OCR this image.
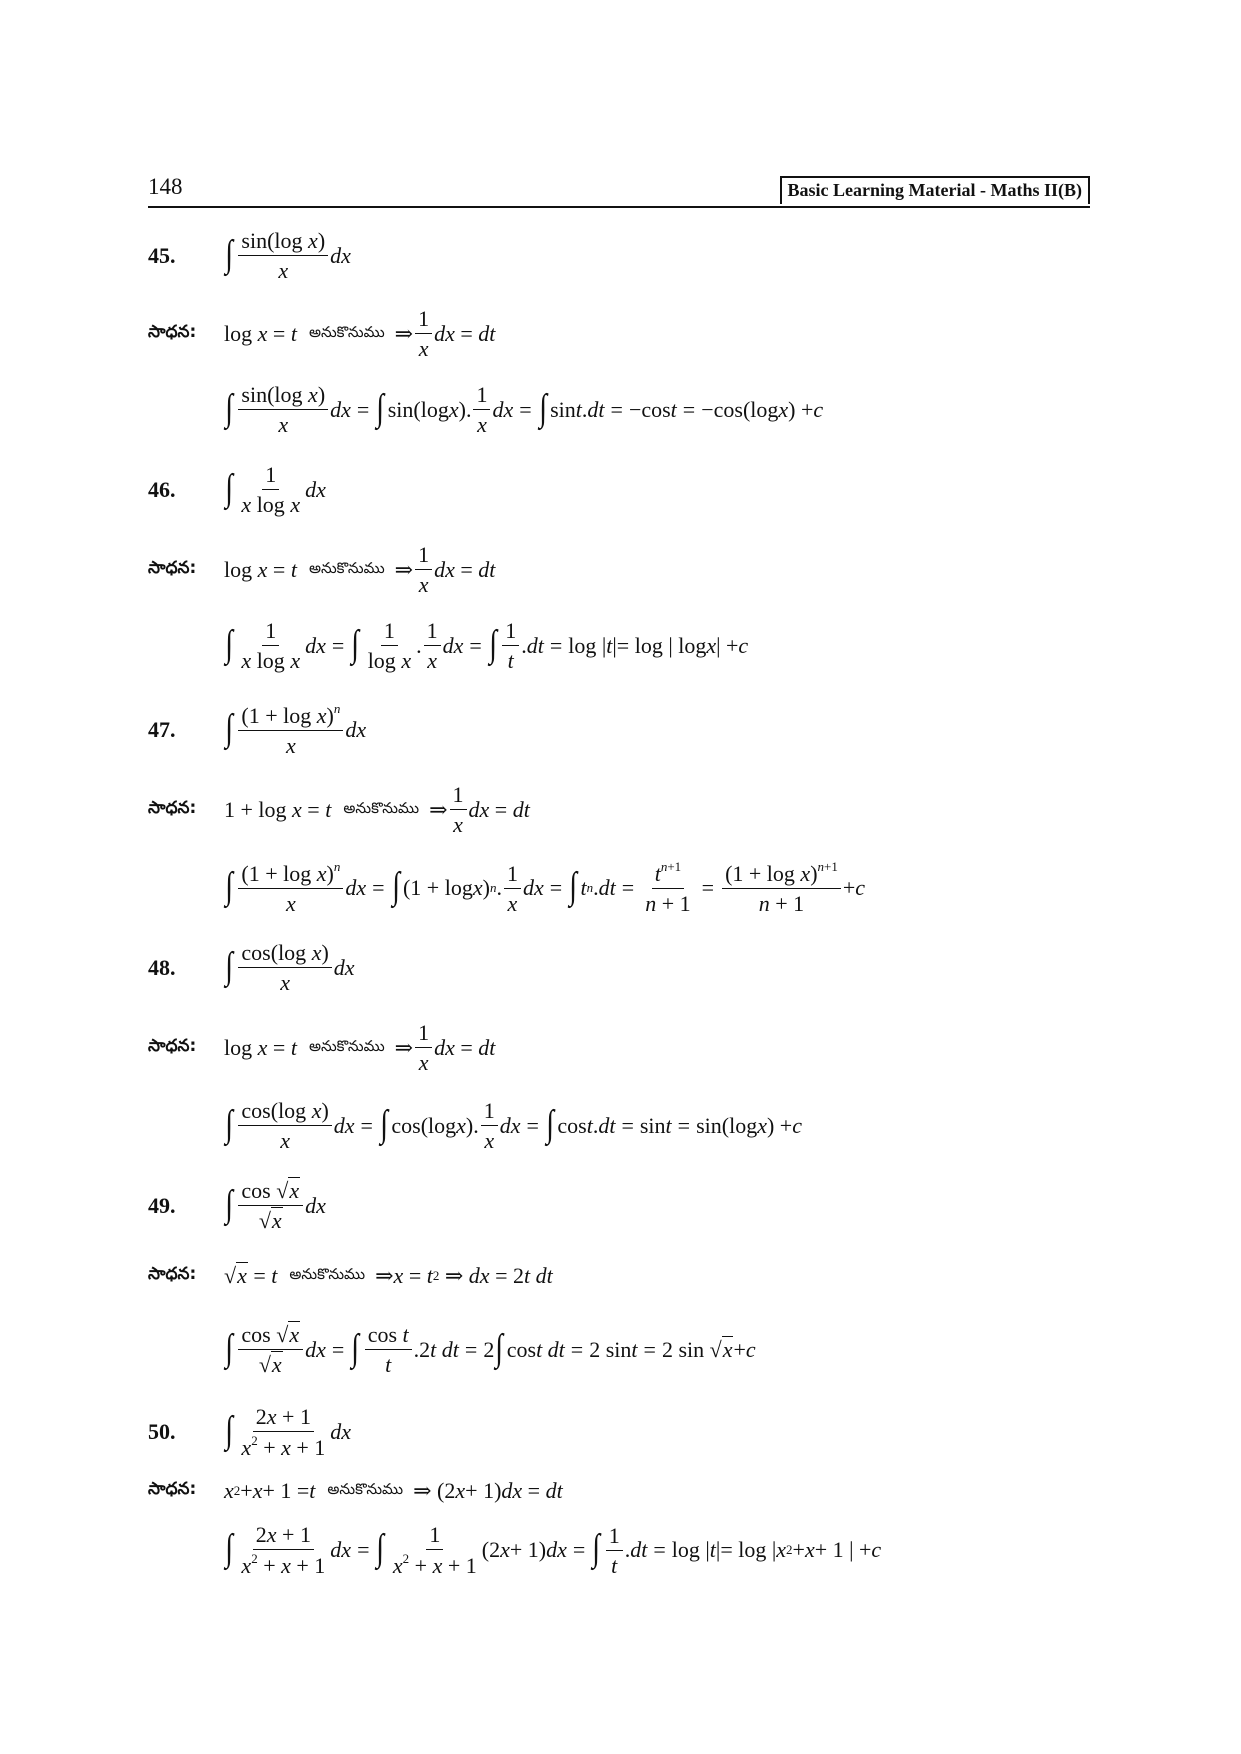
148	Basic Learning Material - Maths II(B)
45.	∫ $\frac{\text{sin(log x)}}{x}$ dx
సాధన:	log x = t అనుకొనుము ⇒ $\frac{1}{x}$ dx = dt
∫ $\frac{\text{sin(log x)}}{x}$ dx = ∫ sin(log x ). $\frac{1}{x}$ dx = ∫ sin t . dt = −cos t = −cos(log x ) + c
46.	∫ $\frac{1}{\text{x log x}}$ dx
సాధన:	log x = t అనుకొనుము ⇒ $\frac{1}{x}$ dx = dt
∫ $\frac{1}{\text{x log x}}$ dx = ∫ $\frac{1}{\text{log x}}$ . $\frac{1}{x}$ dx = ∫ $\frac{1}{t}$ . dt = log | t |= log | log x | + c
47.	∫ $\frac{(1 + \log x)^n}{x}$ dx
సాధన:	1 + log x = t అనుకొనుము ⇒ $\frac{1}{x}$ dx = dt
∫ $\frac{(1 + \log x)^n}{x}$ dx = ∫ (1 + log x ) n . $\frac{1}{x}$ dx = ∫ t n . dt = $\frac{t^{n+1}}{n + 1} = \frac{(1 + \log x)^{n+1}}{n + 1} + c$
48.	∫ $\frac{\text{cos(log x)}}{x}$ dx
సాధన:	log x = t అనుకొనుము ⇒ $\frac{1}{x}$ dx = dt
∫ $\frac{\text{cos(log x)}}{x}$ dx = ∫ cos(log x ). $\frac{1}{x}$ dx = ∫ cos t . dt = sin t = sin(log x ) + c
49.	∫ $\frac{\cos √x}{√x}$ dx
సాధన:	√ x = t అనుకొనుము ⇒ x = t 2 ⇒ dx = 2 t dt
∫ $\frac{\cos √x}{√x}$ dx = ∫ $\frac{\text{cos t}}{t} .2$ t dt = 2 ∫ cos t dt = 2 sin t = 2 sin √ x + c
50.	∫ $\frac{2x + 1}{x^2 + x + 1}$ dx
సాధన:	x 2 + x + 1 = t అనుకొనుము ⇒ (2 x + 1) dx = dt
∫ $\frac{2x + 1}{x^2 + x + 1}$ dx = ∫ $\frac{1}{x^2 + x + 1} (2$ x + 1) dx = ∫ $\frac{1}{t}$ . dt = log | t |= log | x 2 + x + 1 | + c
